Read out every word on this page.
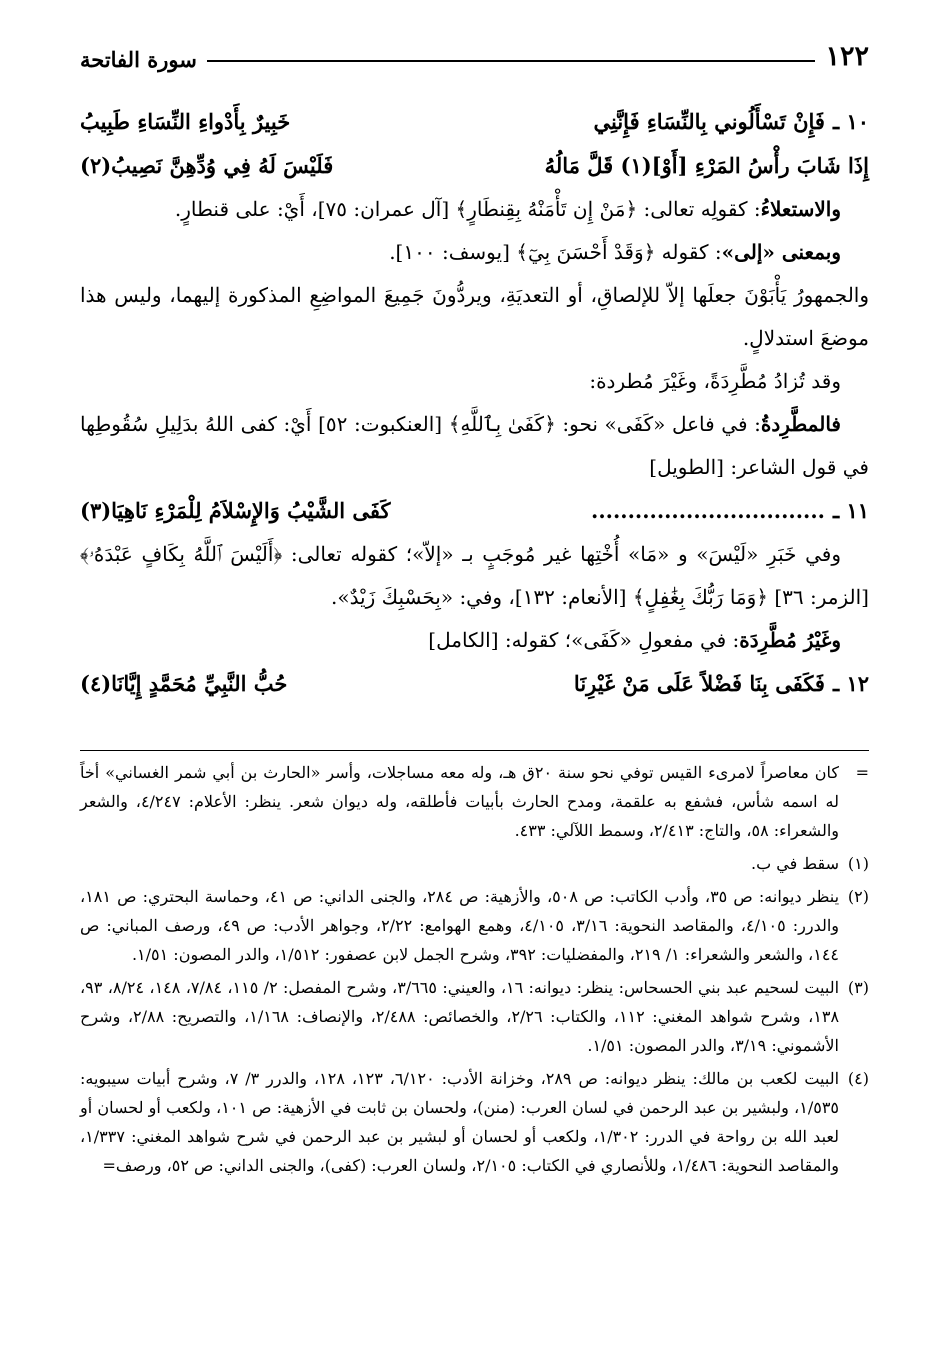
١٢٢
سورة الفاتحة
١٠ ـ
فَإِنْ تَسْأَلُوني بِالنِّسَاءِ فَإِنَّنِي
خَبِيرٌ بِأَدْواءِ النِّسَاءِ طَبِيبُ
إِذَا شَابَ رأْسُ المَرْءِ [أَوْ](١) قَلَّ مَالُهُ
فَلَيْسَ لَهُ فِي وُدِّهِنَّ نَصِيبُ(٢)

والاستعلاءُ: كقولِه تعالى: ﴿مَنْ إِن تَأْمَنْهُ بِقِنطَارٍ﴾ [آل عمران: ٧٥]، أَيْ: على قنطارٍ.

وبمعنى «إلى»: كقوله ﴿وَقَدْ أَحْسَنَ بِيٓ﴾ [يوسف: ١٠٠].

والجمهورُ يَأْبَوْنَ جعلَها إلاّ للإلصاقِ، أو التعديَةِ، ويردُّونَ جَمِيعَ المواضِعِ المذكورة إليهما، وليس هذا موضعَ استدلالٍ.

وقد تُزادُ مُطَّرِدَةً، وغَيْرَ مُطردة:

فالمطَّرِدةُ: في فاعل «كَفَى» نحو: ﴿كَفَىٰ بِٱللَّهِ﴾ [العنكبوت: ٥٢] أَيْ: كفى اللهُ بدَلِيلِ سُقُوطِها في قول الشاعر: [الطويل]

١١ ـ
................................
كَفَى الشَّيْبُ وَالإِسْلاَمُ لِلْمَرْءِ نَاهِيَا(٣)

وفي خَبَرِ «لَيْسَ» و «مَا» أُخْتِها غير مُوجَبٍ بـ «إلاّ»؛ كقوله تعالى: ﴿أَلَيْسَ ٱللَّهُ بِكَافٍ عَبْدَهُۥ﴾ [الزمر: ٣٦] ﴿وَمَا رَبُّكَ بِغَٰفِلٍ﴾ [الأنعام: ١٣٢]، وفي: «بِحَسْبِكَ زَيْدٌ».

وغَيْرُ مُطَّرِدَة: في مفعولِ «كَفَى»؛ كقوله: [الكامل]

١٢ ـ
فَكَفَى بِنَا فَضْلاً عَلَى مَنْ غَيْرِنَا
حُبُّ النَّبِيِّ مُحَمَّدٍ إِيَّانَا(٤)
=
كان معاصراً لامرىء القيس توفي نحو سنة ٢٠ق هـ، وله معه مساجلات، وأسر «الحارث بن أبي شمر الغساني» أخاً له اسمه شأس، فشفع به علقمة، ومدح الحارث بأبيات فأطلقه، وله ديوان شعر. ينظر: الأعلام: ٤/٢٤٧، والشعر والشعراء: ٥٨، والتاج: ٢/٤١٣، وسمط اللآلي: ٤٣٣.
(١)
سقط في ب.
(٢)
ينظر ديوانه: ص ٣٥، وأدب الكاتب: ص ٥٠٨، والأزهية: ص ٢٨٤، والجنى الداني: ص ٤١، وحماسة البحتري: ص ١٨١، والدرر: ٤/١٠٥، والمقاصد النحوية: ٣/١٦، ٤/١٠٥، وهمع الهوامع: ٢/٢٢، وجواهر الأدب: ص ٤٩، ورصف المباني: ص ١٤٤، والشعر والشعراء: ١/ ٢١٩، والمفضليات: ٣٩٢، وشرح الجمل لابن عصفور: ١/٥١٢، والدر المصون: ١/٥١.
(٣)
البيت لسحيم عبد بني الحسحاس: ينظر: ديوانه: ١٦، والعيني: ٣/٦٦٥، وشرح المفصل: ٢/ ١١٥، ٧/٨٤، ١٤٨، ٨/٢٤، ٩٣، ١٣٨، وشرح شواهد المغني: ١١٢، والكتاب: ٢/٢٦، والخصائص: ٢/٤٨٨، والإنصاف: ١/١٦٨، والتصريح: ٢/٨٨، وشرح الأشموني: ٣/١٩، والدر المصون: ١/٥١.
(٤)
البيت لكعب بن مالك: ينظر ديوانه: ص ٢٨٩، وخزانة الأدب: ٦/١٢٠، ١٢٣، ١٢٨، والدرر ٣/ ٧، وشرح أبيات سيبويه: ١/٥٣٥، ولبشير بن عبد الرحمن في لسان العرب: (منن)، ولحسان بن ثابت في الأزهية: ص ١٠١، ولكعب أو لحسان أو لعبد الله بن رواحة في الدرر: ١/٣٠٢، ولكعب أو لحسان أو لبشير بن عبد الرحمن في شرح شواهد المغني: ١/٣٣٧، والمقاصد النحوية: ١/٤٨٦، وللأنصاري في الكتاب: ٢/١٠٥، ولسان العرب: (كفى)، والجنى الداني: ص ٥٢، ورصف=
